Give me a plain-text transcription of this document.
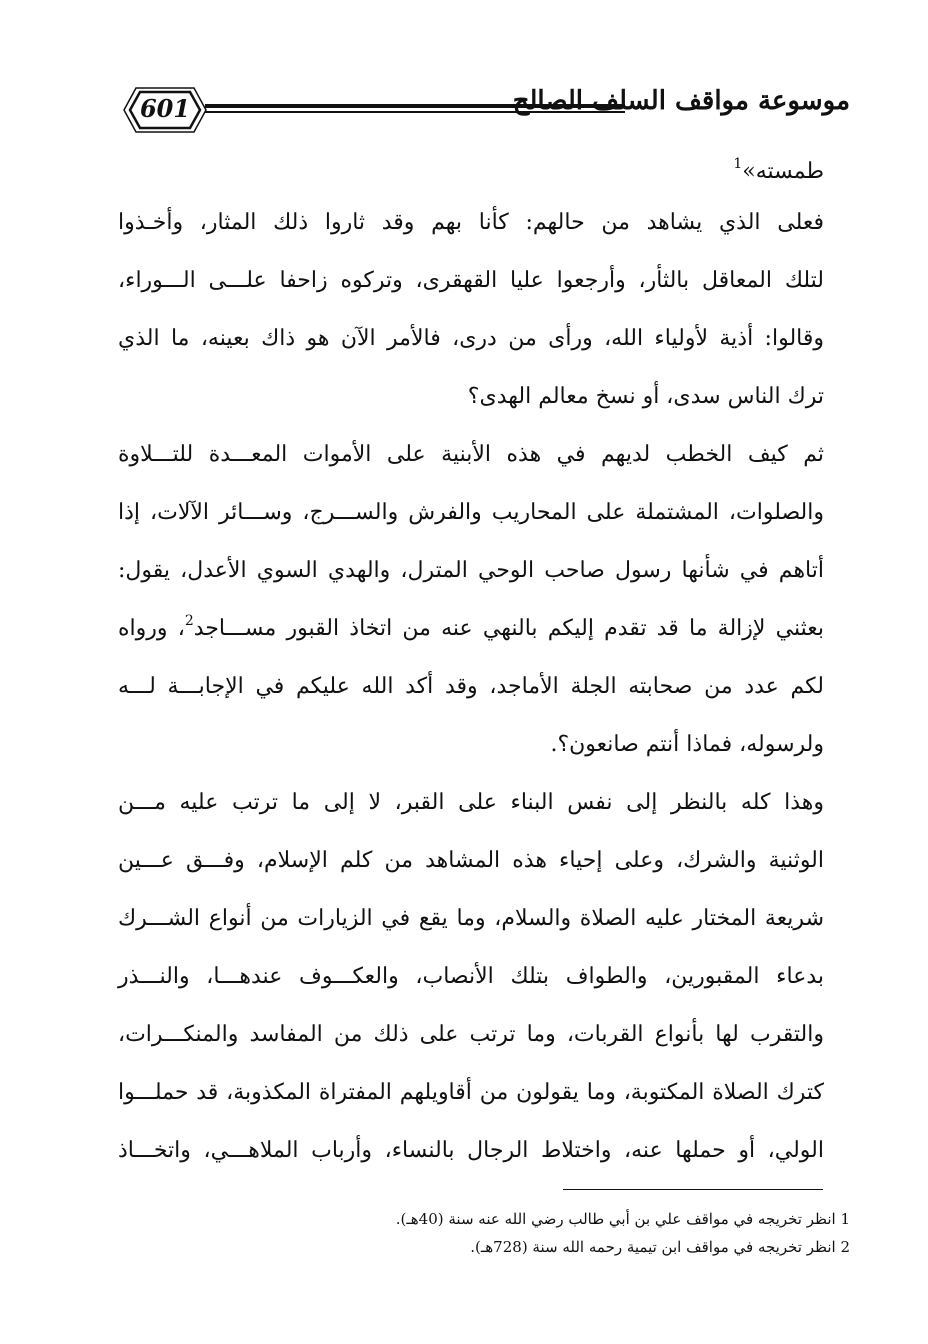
601	موسوعة مواقف السلف الصالح
طمسته»$^1$
فعلى الذي يشاهد من حالهم: كأنا بهم وقد ثاروا ذلك المثار، وأخـذوا
لتلك المعاقل بالثأر، وأرجعوا عليا القهقرى، وتركوه زاحفا علـــى الـــوراء،
وقالوا: أذية لأولياء الله، ورأى من درى، فالأمر الآن هو ذاك بعينه، ما الذي
ترك الناس سدى، أو نسخ معالم الهدى؟
ثم كيف الخطب لديهم في هذه الأبنية على الأموات المعـــدة للتـــلاوة
والصلوات، المشتملة على المحاريب والفرش والســـرج، وســـائر الآلات، إذا
أتاهم في شأنها رسول صاحب الوحي المترل، والهدي السوي الأعدل، يقول:
بعثني لإزالة ما قد تقدم إليكم بالنهي عنه من اتخاذ القبور مســـاجد$^2$، ورواه
لكم عدد من صحابته الجلة الأماجد، وقد أكد الله عليكم في الإجابـــة لـــه
ولرسوله، فماذا أنتم صانعون؟.
وهذا كله بالنظر إلى نفس البناء على القبر، لا إلى ما ترتب عليه مـــن
الوثنية والشرك، وعلى إحياء هذه المشاهد من كلم الإسلام، وفـــق عـــين
شريعة المختار عليه الصلاة والسلام، وما يقع في الزيارات من أنواع الشـــرك
بدعاء المقبورين، والطواف بتلك الأنصاب، والعكـــوف عندهـــا، والنـــذر
والتقرب لها بأنواع القربات، وما ترتب على ذلك من المفاسد والمنكـــرات،
كترك الصلاة المكتوبة، وما يقولون من أقاويلهم المفتراة المكذوبة، قد حملـــوا
الولي، أو حملها عنه، واختلاط الرجال بالنساء، وأرباب الملاهـــي، واتخـــاذ
1 انظر تخريجه في مواقف علي بن أبي طالب رضي الله عنه سنة (40هـ).
2 انظر تخريجه في مواقف ابن تيمية رحمه الله سنة (728هـ).
